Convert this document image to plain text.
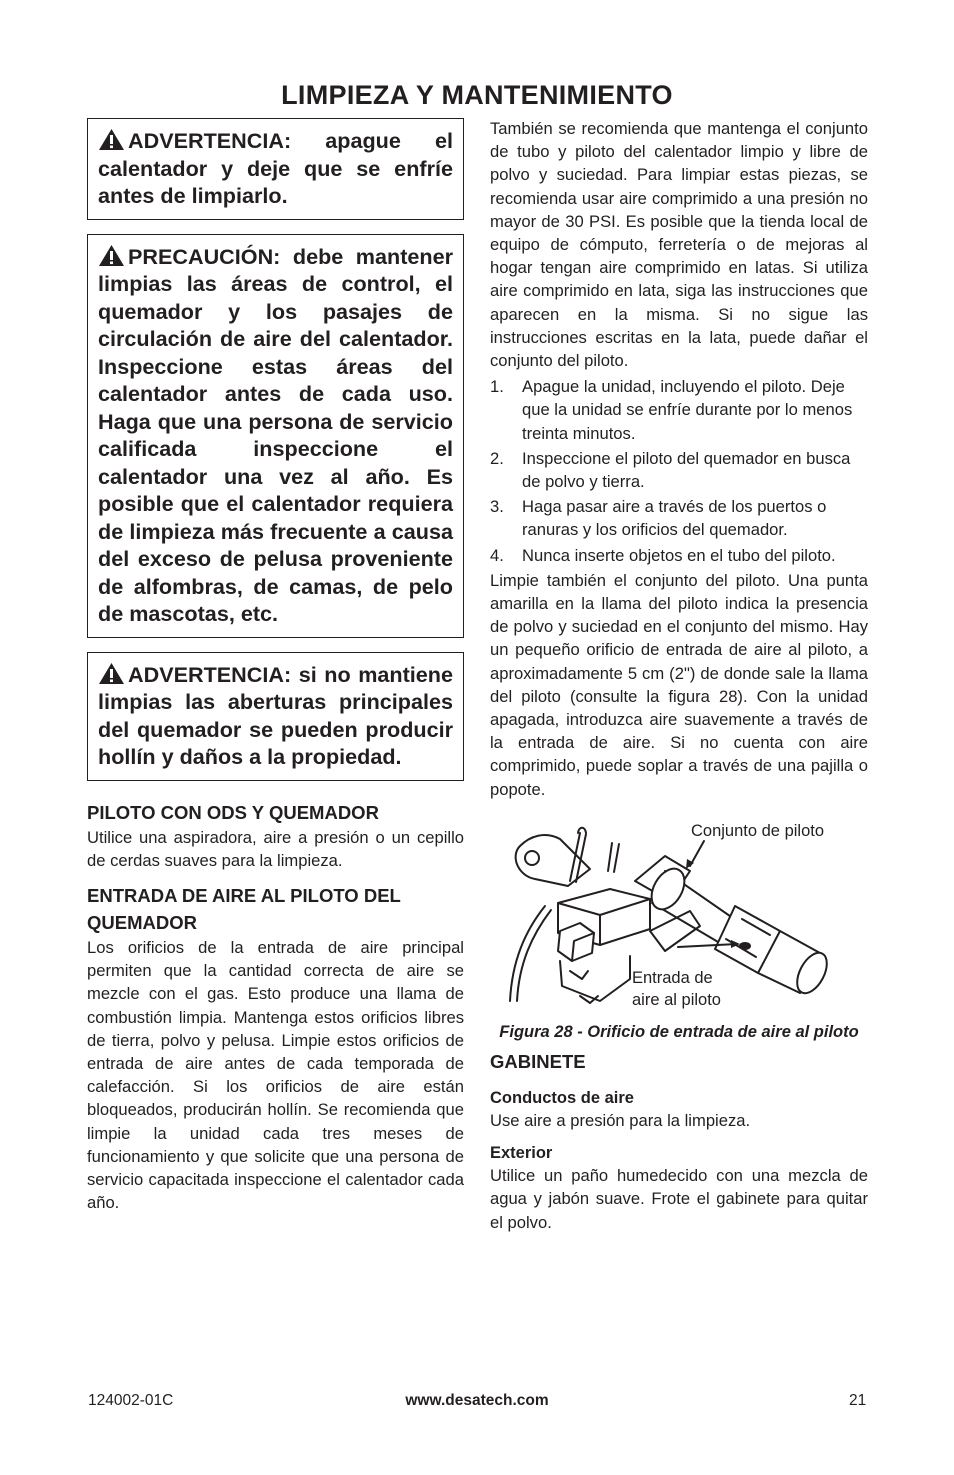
LIMPIEZA Y MANTENIMIENTO

ADVERTENCIA: apague el calentador y deje que se enfríe antes de limpiarlo.

PRECAUCIÓN: debe mantener limpias las áreas de control, el quemador y los pasajes de circulación de aire del calentador. Inspeccione estas áreas del calentador antes de cada uso. Haga que una persona de servicio calificada inspeccione el calentador una vez al año. Es posible que el calentador requiera de limpieza más frecuente a causa del exceso de pelusa proveniente de alfombras, de camas, de pelo de mascotas, etc.

ADVERTENCIA: si no mantiene limpias las aberturas principales del quemador se pueden producir hollín y daños a la propiedad.

PILOTO CON ODS Y QUEMADOR

Utilice una aspiradora, aire a presión o un cepillo de cerdas suaves para la limpieza.

ENTRADA DE AIRE AL PILOTO DEL QUEMADOR

Los orificios de la entrada de aire principal permiten que la cantidad correcta de aire se mezcle con el gas. Esto produce una llama de combustión limpia. Mantenga estos orificios libres de tierra, polvo y pelusa. Limpie estos orificios de entrada de aire antes de cada temporada de calefacción. Si los orificios de aire están bloqueados, producirán hollín. Se recomienda que limpie la unidad cada tres meses de funcionamiento y que solicite que una persona de servicio capacitada inspeccione el calentador cada año.

También se recomienda que mantenga el conjunto de tubo y piloto del calentador limpio y libre de polvo y suciedad. Para limpiar estas piezas, se recomienda usar aire comprimido a una presión no mayor de 30 PSI. Es posible que la tienda local de equipo de cómputo, ferretería o de mejoras al hogar tengan aire comprimido en latas. Si utiliza aire comprimido en lata, siga las instrucciones que aparecen en la misma. Si no sigue las instrucciones escritas en la lata, puede dañar el conjunto del piloto.

1. Apague la unidad, incluyendo el piloto. Deje que la unidad se enfríe durante por lo menos treinta minutos.
2. Inspeccione el piloto del quemador en busca de polvo y tierra.
3. Haga pasar aire a través de los puertos o ranuras y los orificios del quemador.
4. Nunca inserte objetos en el tubo del piloto.

Limpie también el conjunto del piloto. Una punta amarilla en la llama del piloto indica la presencia de polvo y suciedad en el conjunto del mismo. Hay un pequeño orificio de entrada de aire al piloto, a aproximadamente 5 cm (2") de donde sale la llama del piloto (consulte la figura 28). Con la unidad apagada, introduzca aire suavemente a través de la entrada de aire. Si no cuenta con aire comprimido, puede soplar a través de una pajilla o popote.

Conjunto de piloto
Entrada de
aire al piloto
Figura 28 - Orificio de entrada de aire al piloto
GABINETE
Conductos de aire

Use aire a presión para la limpieza.

Exterior

Utilice un paño humedecido con una mezcla de agua y jabón suave. Frote el gabinete para quitar el polvo.

124002-01C	www.desatech.com	21
